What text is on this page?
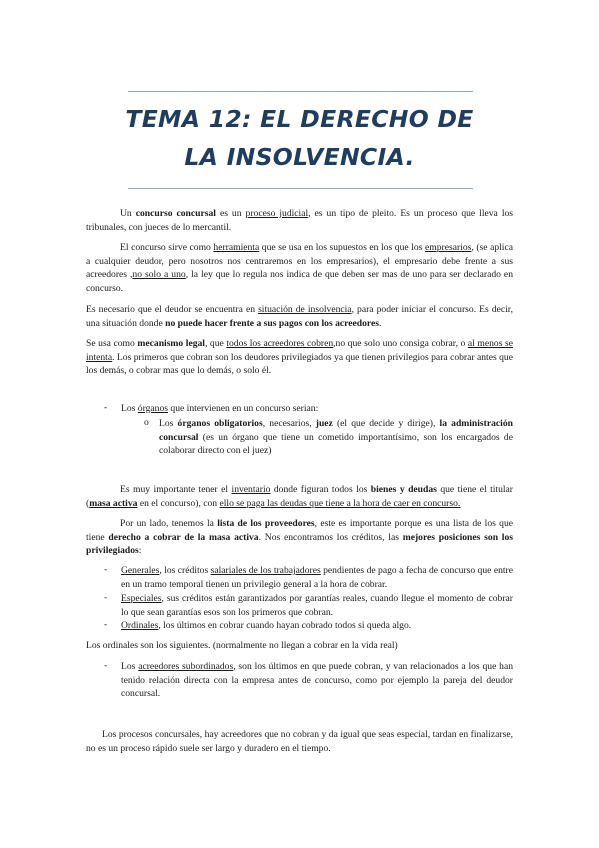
TEMA 12: EL DERECHO DE
LA INSOLVENCIA.
Un concurso concursal es un proceso judicial, es un tipo de pleito. Es un proceso que lleva los tribunales, con jueces de lo mercantil.
El concurso sirve como herramienta que se usa en los supuestos en los que los empresarios, (se aplica a cualquier deudor, pero nosotros nos centraremos en los empresarios), el empresario debe frente a sus acreedores ,no solo a uno, la ley que lo regula nos indica de que deben ser mas de uno para ser declarado en concurso.
Es necesario que el deudor se encuentra en situación de insolvencia, para poder iniciar el concurso. Es decir, una situación donde no puede hacer frente a sus pagos con los acreedores.
Se usa como mecanismo legal, que todos los acreedores cobren,no que solo uno consiga cobrar, o al menos se intenta. Los primeros que cobran son los deudores privilegiados ya que tienen privilegios para cobrar antes que los demás, o cobrar mas que lo demás, o solo él.
- Los órganos que intervienen en un concurso serian:
o Los órganos obligatorios, necesarios, juez (el que decide y dirige), la administración concursal (es un órgano que tiene un cometido importantísimo, son los encargados de colaborar directo con el juez)
Es muy importante tener el inventario donde figuran todos los bienes y deudas que tiene el titular (masa activa en el concurso), con ello se paga las deudas que tiene a la hora de caer en concurso.
Por un lado, tenemos la lista de los proveedores, este es importante porque es una lista de los que tiene derecho a cobrar de la masa activa. Nos encontramos los créditos, las mejores posiciones son los privilegiados:
- Generales, los créditos salariales de los trabajadores pendientes de pago a fecha de concurso que entre en un tramo temporal tienen un privilegio general a la hora de cobrar.
- Especiales, sus créditos están garantizados por garantías reales, cuando llegue el momento de cobrar lo que sean garantías esos son los primeros que cobran.
- Ordinales, los últimos en cobrar cuando hayan cobrado todos si queda algo.
Los ordinales son los siguientes. (normalmente no llegan a cobrar en la vida real)
- Los acreedores subordinados, son los últimos en que puede cobran, y van relacionados a los que han tenido relación directa con la empresa antes de concurso, como por ejemplo la pareja del deudor concursal.
Los procesos concursales, hay acreedores que no cobran y da igual que seas especial, tardan en finalizarse, no es un proceso rápido suele ser largo y duradero en el tiempo.
